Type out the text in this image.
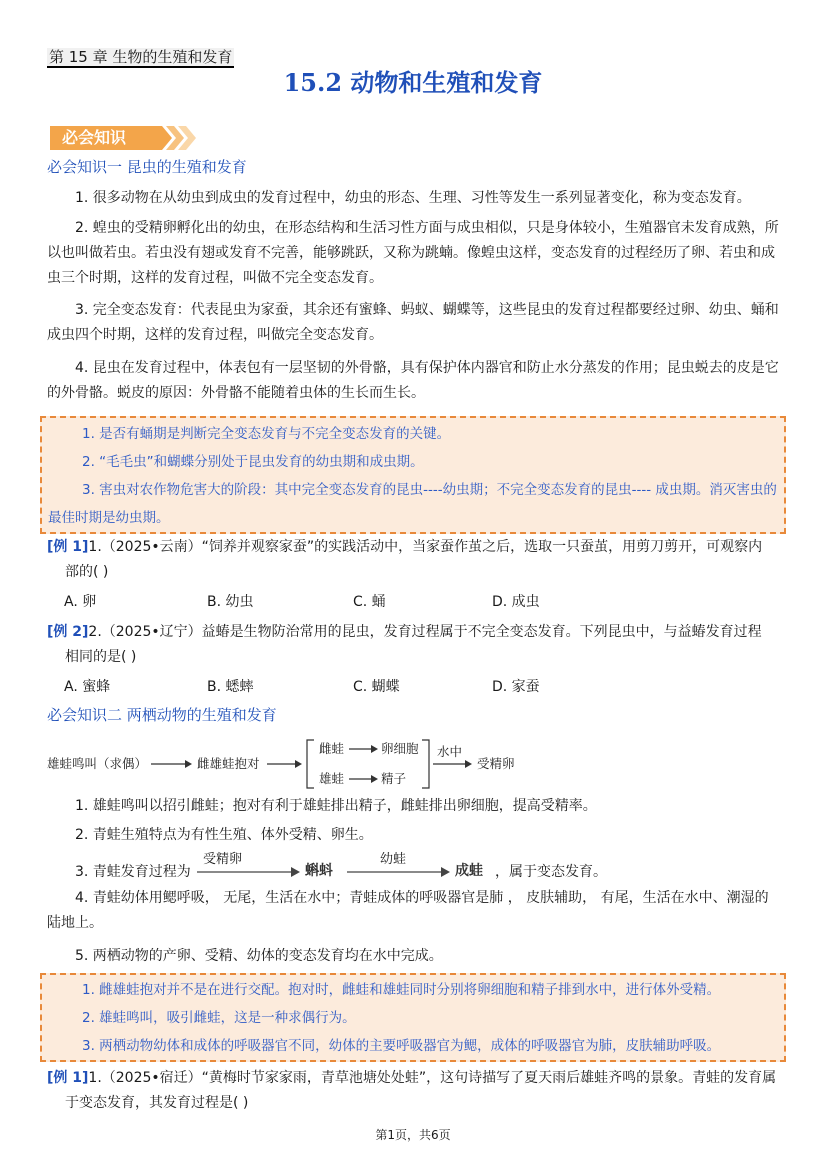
第 15 章 生物的生殖和发育
15.2 动物和生殖和发育
必会知识
必会知识一 昆虫的生殖和发育

1. 很多动物在从幼虫到成虫的发育过程中，幼虫的形态、生理、习性等发生一系列显著变化，称为变态发育。

2. 蝗虫的受精卵孵化出的幼虫，在形态结构和生活习性方面与成虫相似，只是身体较小，生殖器官未发育成熟，所以也叫做若虫。若虫没有翅或发育不完善，能够跳跃，又称为跳蝻。像蝗虫这样，变态发育的过程经历了卵、若虫和成虫三个时期，这样的发育过程，叫做不完全变态发育。

3. 完全变态发育：代表昆虫为家蚕，其余还有蜜蜂、蚂蚁、蝴蝶等，这些昆虫的发育过程都要经过卵、幼虫、蛹和成虫四个时期，这样的发育过程，叫做完全变态发育。

4. 昆虫在发育过程中，体表包有一层坚韧的外骨骼，具有保护体内器官和防止水分蒸发的作用；昆虫蜕去的皮是它的外骨骼。蜕皮的原因：外骨骼不能随着虫体的生长而生长。

1. 是否有蛹期是判断完全变态发育与不完全变态发育的关键。

2. “毛毛虫”和蝴蝶分别处于昆虫发育的幼虫期和成虫期。

3. 害虫对农作物危害大的阶段：其中完全变态发育的昆虫----幼虫期；不完全变态发育的昆虫---- 成虫期。消灭害虫的最佳时期是幼虫期。

[例 1]1.（2025•云南）“饲养并观察家蚕”的实践活动中，当家蚕作茧之后，选取一只蚕茧，用剪刀剪开，可观察内
部的( )
A. 卵	B. 幼虫	C. 蛹	D. 成虫
[例 2]2.（2025•辽宁）益蝽是生物防治常用的昆虫，发育过程属于不完全变态发育。下列昆虫中，与益蝽发育过程
相同的是( )
A. 蜜蜂	B. 蟋蟀	C. 蝴蝶	D. 家蚕
必会知识二 两栖动物的生殖和发育
雄蛙鸣叫（求偶）	雌雄蛙抱对
雌蛙	卵细胞
雄蛙	精子
水中
受精卵

1. 雄蛙鸣叫以招引雌蛙；抱对有利于雄蛙排出精子，雌蛙排出卵细胞，提高受精率。

2. 青蛙生殖特点为有性生殖、体外受精、卵生。

3. 青蛙发育过程为
受精卵
蝌蚪
幼蛙
成蛙 ，属于变态发育。

4. 青蛙幼体用鳃呼吸， 无尾，生活在水中；青蛙成体的呼吸器官是肺 ， 皮肤辅助， 有尾，生活在水中、潮湿的陆地上。

5. 两栖动物的产卵、受精、幼体的变态发育均在水中完成。

1. 雌雄蛙抱对并不是在进行交配。抱对时，雌蛙和雄蛙同时分别将卵细胞和精子排到水中，进行体外受精。

2. 雄蛙鸣叫，吸引雌蛙，这是一种求偶行为。

3. 两栖动物幼体和成体的呼吸器官不同，幼体的主要呼吸器官为鳃，成体的呼吸器官为肺，皮肤辅助呼吸。

[例 1]1.（2025•宿迁）“黄梅时节家家雨，青草池塘处处蛙”，这句诗描写了夏天雨后雄蛙齐鸣的景象。青蛙的发育属
于变态发育，其发育过程是( )
第1页，共6页
